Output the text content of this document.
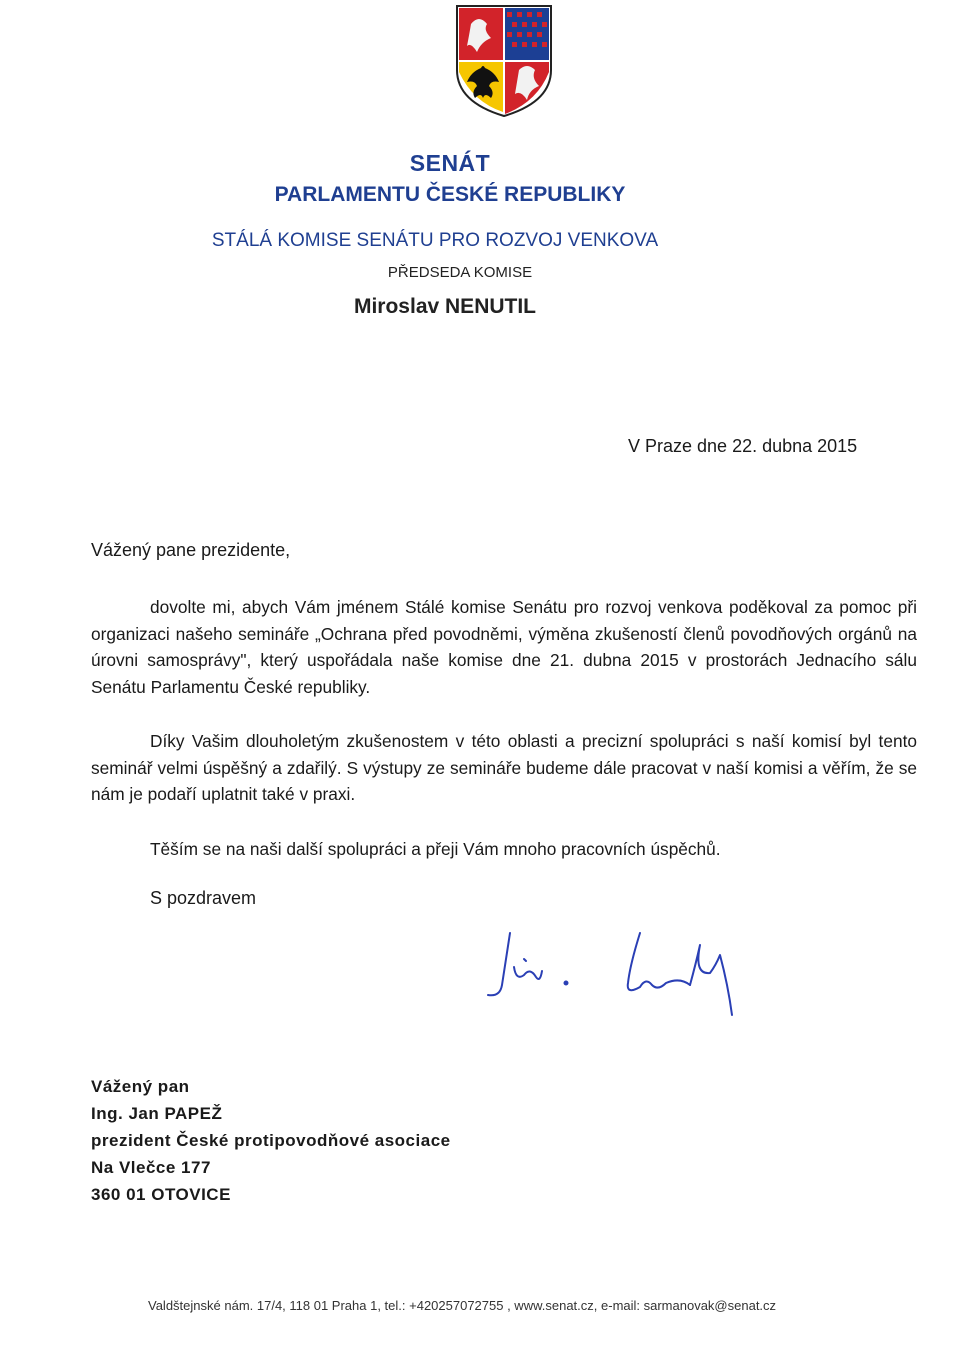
SENÁT
PARLAMENTU ČESKÉ REPUBLIKY
STÁLÁ KOMISE SENÁTU PRO ROZVOJ VENKOVA
PŘEDSEDA KOMISE
Miroslav NENUTIL
V Praze dne 22. dubna 2015
Vážený pane prezidente,

dovolte mi, abych Vám jménem Stálé komise Senátu pro rozvoj venkova poděkoval za pomoc při organizaci našeho semináře „Ochrana před povodněmi, výměna zkušeností členů povodňových orgánů na úrovni samosprávy", který uspořádala naše komise dne 21. dubna 2015 v prostorách Jednacího sálu Senátu Parlamentu České republiky.

Díky Vašim dlouholetým zkušenostem v této oblasti a precizní spolupráci s naší komisí byl tento seminář velmi úspěšný a zdařilý. S výstupy ze semináře budeme dále pracovat v naší komisi a věřím, že se nám je podaří uplatnit také v praxi.

Těším se na naši další spolupráci a přeji Vám mnoho pracovních úspěchů.

S pozdravem
Vážený pan
Ing. Jan PAPEŽ
prezident České protipovodňové asociace
Na Vlečce 177
360 01 OTOVICE
Valdštejnské nám. 17/4, 118 01 Praha 1, tel.: +420257072755 , www.senat.cz, e-mail: sarmanovak@senat.cz
